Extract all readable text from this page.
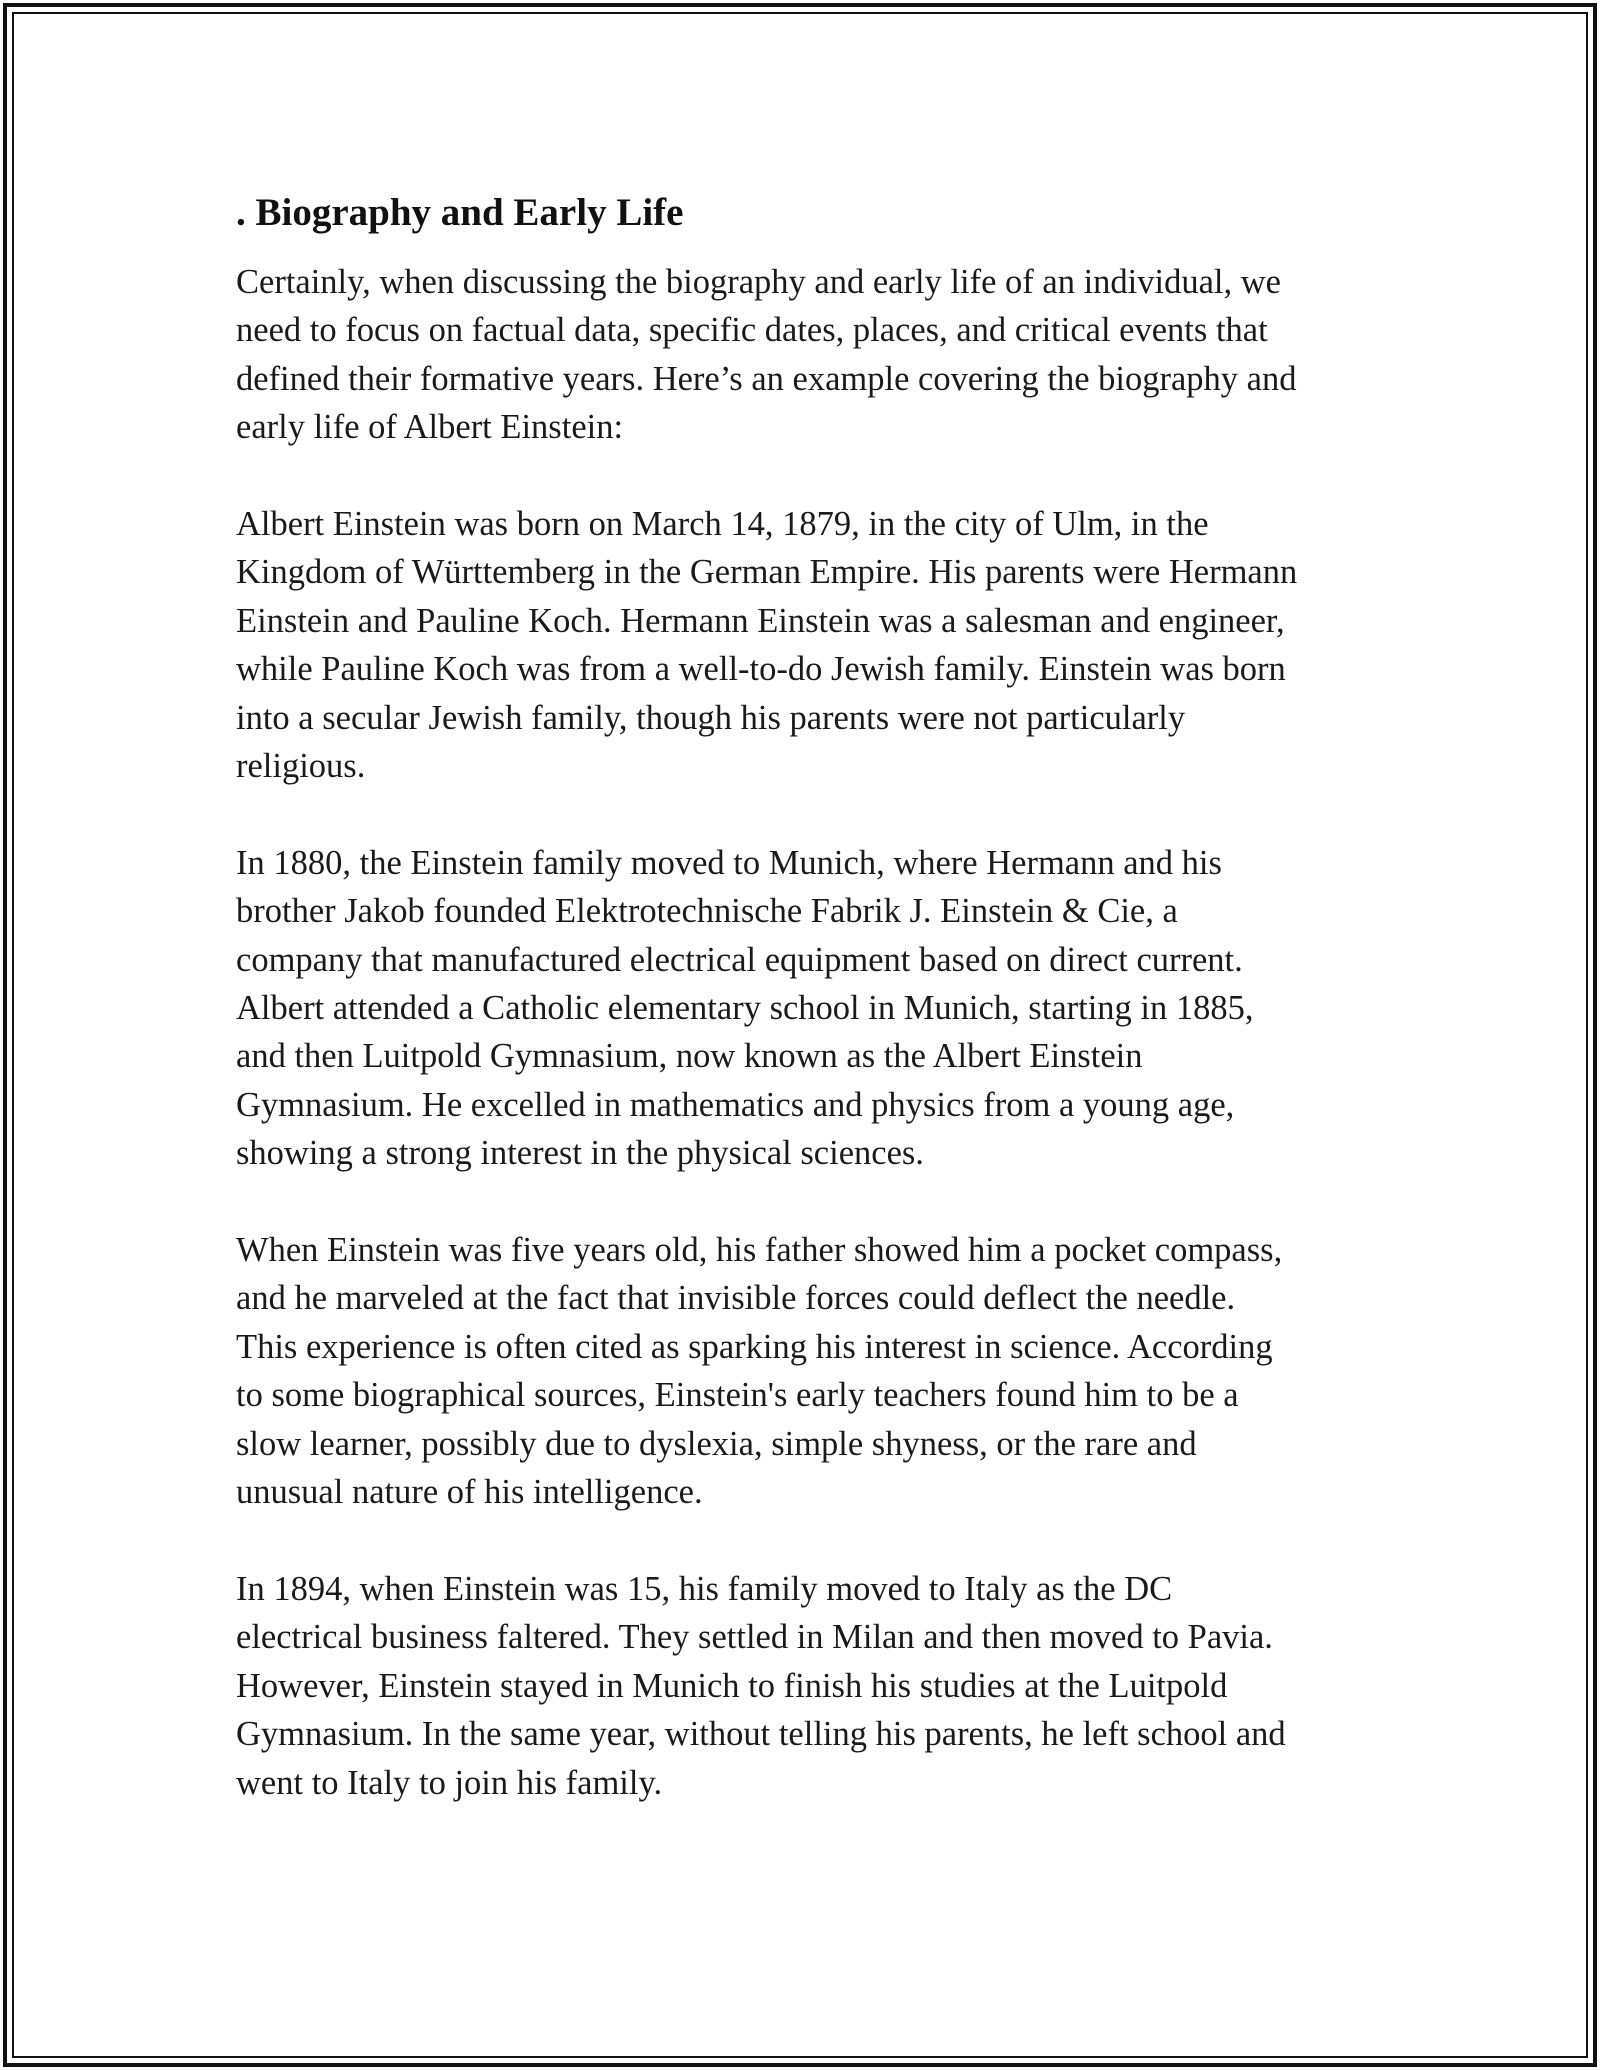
. Biography and Early Life

Certainly, when discussing the biography and early life of an individual, we
need to focus on factual data, specific dates, places, and critical events that
defined their formative years. Here’s an example covering the biography and
early life of Albert Einstein:

Albert Einstein was born on March 14, 1879, in the city of Ulm, in the
Kingdom of Württemberg in the German Empire. His parents were Hermann
Einstein and Pauline Koch. Hermann Einstein was a salesman and engineer,
while Pauline Koch was from a well-to-do Jewish family. Einstein was born
into a secular Jewish family, though his parents were not particularly
religious.

In 1880, the Einstein family moved to Munich, where Hermann and his
brother Jakob founded Elektrotechnische Fabrik J. Einstein & Cie, a
company that manufactured electrical equipment based on direct current.
Albert attended a Catholic elementary school in Munich, starting in 1885,
and then Luitpold Gymnasium, now known as the Albert Einstein
Gymnasium. He excelled in mathematics and physics from a young age,
showing a strong interest in the physical sciences.

When Einstein was five years old, his father showed him a pocket compass,
and he marveled at the fact that invisible forces could deflect the needle.
This experience is often cited as sparking his interest in science. According
to some biographical sources, Einstein's early teachers found him to be a
slow learner, possibly due to dyslexia, simple shyness, or the rare and
unusual nature of his intelligence.

In 1894, when Einstein was 15, his family moved to Italy as the DC
electrical business faltered. They settled in Milan and then moved to Pavia.
However, Einstein stayed in Munich to finish his studies at the Luitpold
Gymnasium. In the same year, without telling his parents, he left school and
went to Italy to join his family.
